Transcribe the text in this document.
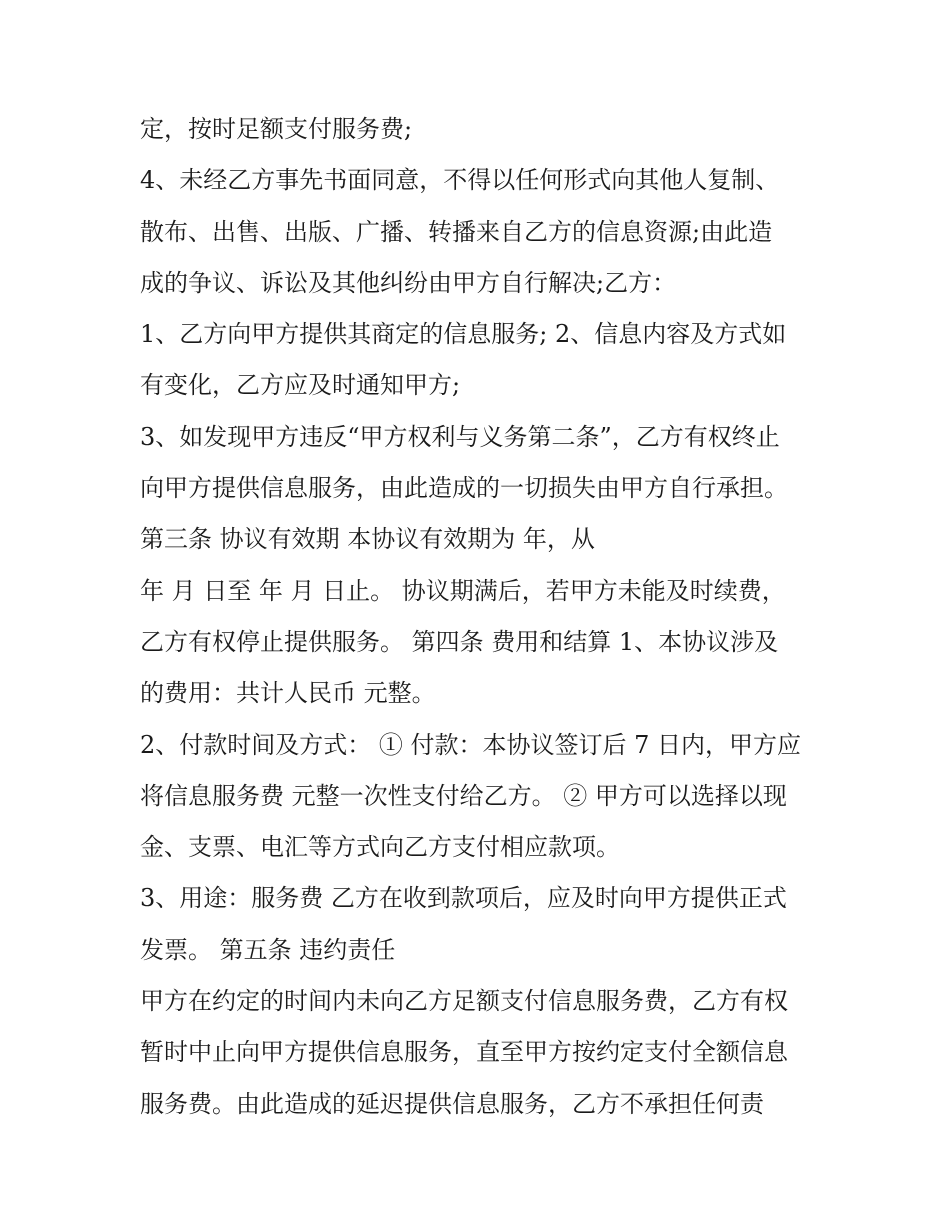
定，按时足额支付服务费;
4、未经乙方事先书面同意，不得以任何形式向其他人复制、
散布、出售、出版、广播、转播来自乙方的信息资源;由此造
成的争议、诉讼及其他纠纷由甲方自行解决;乙方：
1、乙方向甲方提供其商定的信息服务; 2、信息内容及方式如
有变化，乙方应及时通知甲方;
3、如发现甲方违反“甲方权利与义务第二条”，乙方有权终止
向甲方提供信息服务，由此造成的一切损失由甲方自行承担。
第三条 协议有效期 本协议有效期为 年，从
年 月 日至 年 月 日止。 协议期满后，若甲方未能及时续费，
乙方有权停止提供服务。 第四条 费用和结算 1、本协议涉及
的费用：共计人民币 元整。
2、付款时间及方式： ① 付款：本协议签订后 7 日内，甲方应
将信息服务费 元整一次性支付给乙方。 ② 甲方可以选择以现
金、支票、电汇等方式向乙方支付相应款项。
3、用途：服务费 乙方在收到款项后，应及时向甲方提供正式
发票。 第五条 违约责任
甲方在约定的时间内未向乙方足额支付信息服务费，乙方有权
暂时中止向甲方提供信息服务，直至甲方按约定支付全额信息
服务费。由此造成的延迟提供信息服务，乙方不承担任何责
